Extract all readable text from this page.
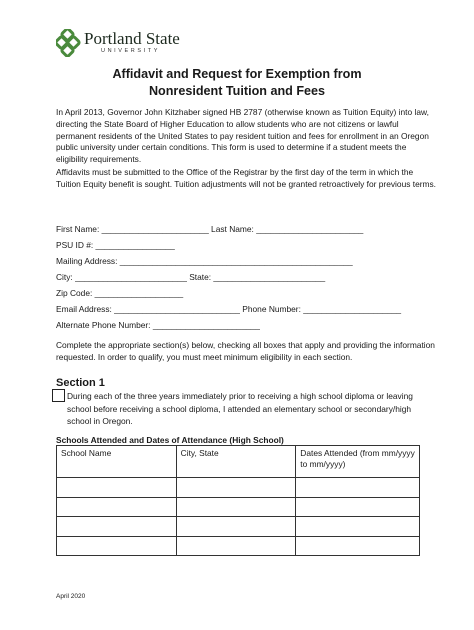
Portland State
UNIVERSITY
Affidavit and Request for Exemption from
Nonresident Tuition and Fees
In April 2013, Governor John Kitzhaber signed HB 2787 (otherwise known as Tuition Equity) into law, directing the State Board of Higher Education to allow students who are not citizens or lawful permanent residents of the United States to pay resident tuition and fees for enrollment in an Oregon public university under certain conditions. This form is used to determine if a student meets the eligibility requirements.
Affidavits must be submitted to the Office of the Registrar by the first day of the term in which the Tuition Equity benefit is sought. Tuition adjustments will not be granted retroactively for previous terms.
First Name: _______________________ Last Name: _______________________
PSU ID #: _________________
Mailing Address: __________________________________________________
City: ________________________ State: ________________________
Zip Code: ___________________
Email Address: ___________________________ Phone Number: _____________________
Alternate Phone Number: _______________________
Complete the appropriate section(s) below, checking all boxes that apply and providing the information requested. In order to qualify, you must meet minimum eligibility in each section.
Section 1
During each of the three years immediately prior to receiving a high school diploma or leaving school before receiving a school diploma, I attended an elementary school or secondary/high school in Oregon.
Schools Attended and Dates of Attendance (High School)
School Name	City, State	Dates Attended (from mm/yyyy to mm/yyyy)

April 2020
